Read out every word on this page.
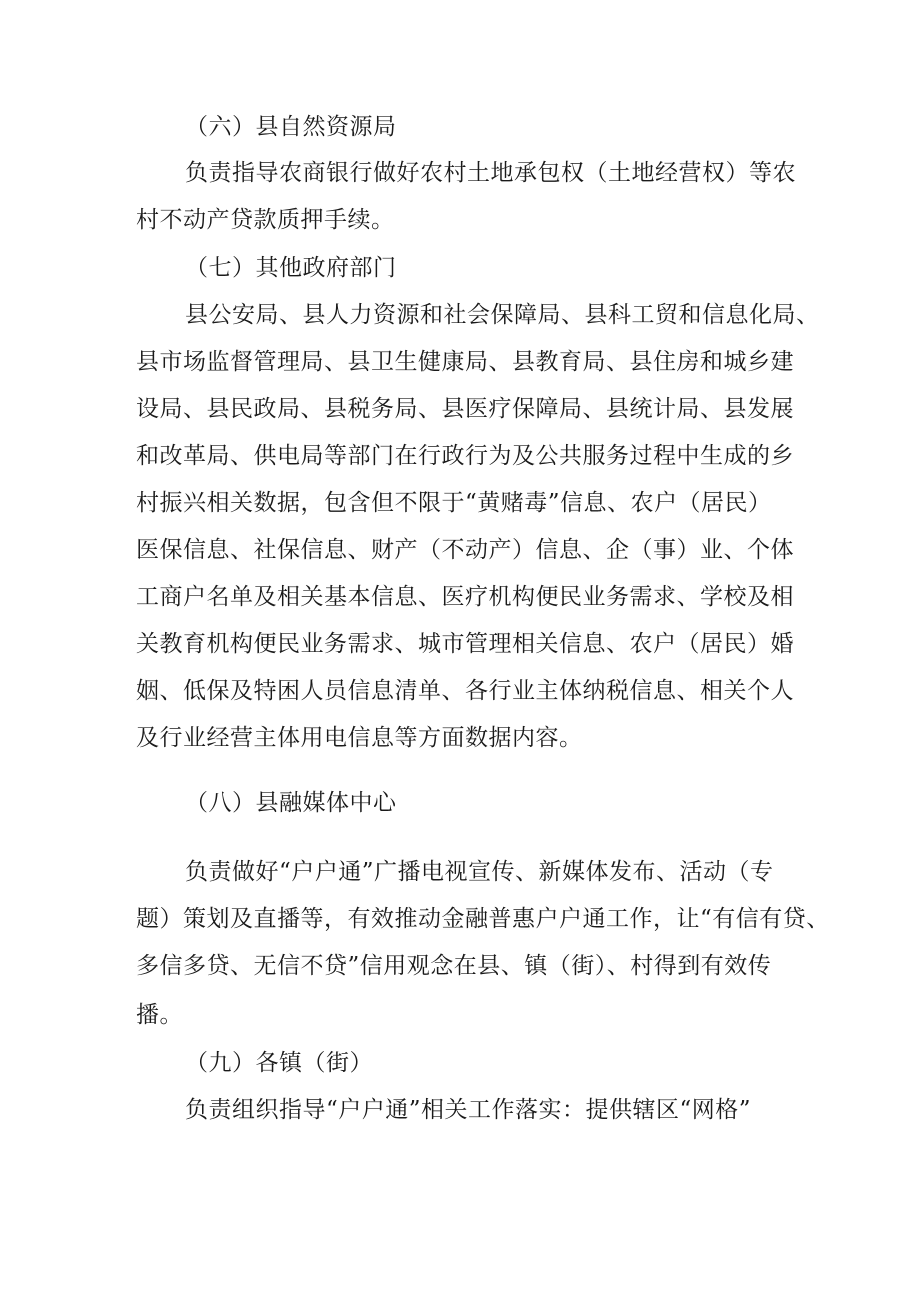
（六）县自然资源局
负责指导农商银行做好农村土地承包权（土地经营权）等农
村不动产贷款质押手续。
（七）其他政府部门
县公安局、县人力资源和社会保障局、县科工贸和信息化局、
县市场监督管理局、县卫生健康局、县教育局、县住房和城乡建
设局、县民政局、县税务局、县医疗保障局、县统计局、县发展
和改革局、供电局等部门在行政行为及公共服务过程中生成的乡
村振兴相关数据，包含但不限于“黄赌毒”信息、农户（居民）
医保信息、社保信息、财产（不动产）信息、企（事）业、个体
工商户名单及相关基本信息、医疗机构便民业务需求、学校及相
关教育机构便民业务需求、城市管理相关信息、农户（居民）婚
姻、低保及特困人员信息清单、各行业主体纳税信息、相关个人
及行业经营主体用电信息等方面数据内容。
（八）县融媒体中心
负责做好“户户通”广播电视宣传、新媒体发布、活动（专
题）策划及直播等，有效推动金融普惠户户通工作，让“有信有贷、
多信多贷、无信不贷”信用观念在县、镇（街）、村得到有效传
播。
（九）各镇（街）
负责组织指导“户户通”相关工作落实：提供辖区“网格”
